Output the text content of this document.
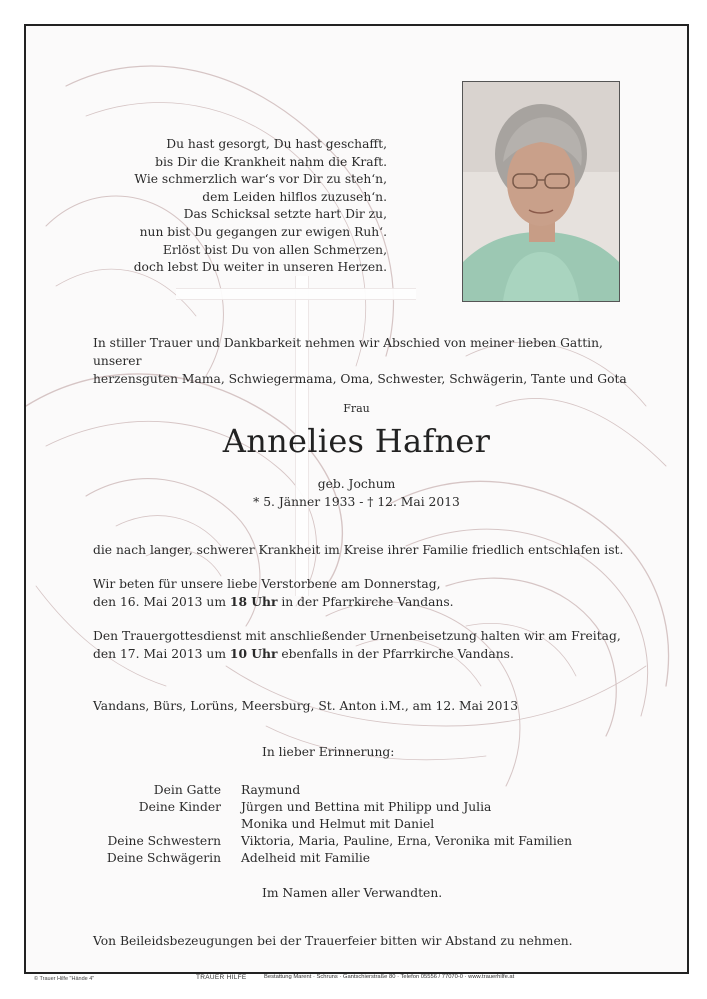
Du hast gesorgt, Du hast geschafft,
bis Dir die Krankheit nahm die Kraft.
Wie schmerzlich war‘s vor Dir zu steh‘n,
dem Leiden hilflos zuzuseh‘n.
Das Schicksal setzte hart Dir zu,
nun bist Du gegangen zur ewigen Ruh‘.
Erlöst bist Du von allen Schmerzen,
doch lebst Du weiter in unseren Herzen.
In stiller Trauer und Dankbarkeit nehmen wir Abschied von meiner lieben Gattin, unserer
herzensguten Mama, Schwiegermama, Oma, Schwester, Schwägerin, Tante und Gota
Frau
Annelies Hafner
geb. Jochum
* 5. Jänner 1933 - † 12. Mai 2013
die nach langer, schwerer Krankheit im Kreise ihrer Familie friedlich entschlafen ist.
Wir beten für unsere liebe Verstorbene am Donnerstag,
den 16. Mai 2013 um 18 Uhr in der Pfarrkirche Vandans.
Den Trauergottesdienst mit anschließender Urnenbeisetzung halten wir am Freitag,
den 17. Mai 2013 um 10 Uhr ebenfalls in der Pfarrkirche Vandans.
Vandans, Bürs, Lorüns, Meersburg, St. Anton i.M., am 12. Mai 2013
In lieber Erinnerung:
Dein Gatte	Raymund
Deine Kinder	Jürgen und Bettina mit Philipp und Julia
Monika und Helmut mit Daniel
Deine Schwestern	Viktoria, Maria, Pauline, Erna, Veronika mit Familien
Deine Schwägerin	Adelheid mit Familie
Im Namen aller Verwandten.
Von Beileidsbezeugungen bei der Trauerfeier bitten wir Abstand zu nehmen.
© Trauer Hilfe "Hände 4"	TRAUER HILFE	Bestattung Marent · Schruns · Gantschierstraße 80 · Telefon 05556 / 77070-0 · www.trauerhilfe.at
